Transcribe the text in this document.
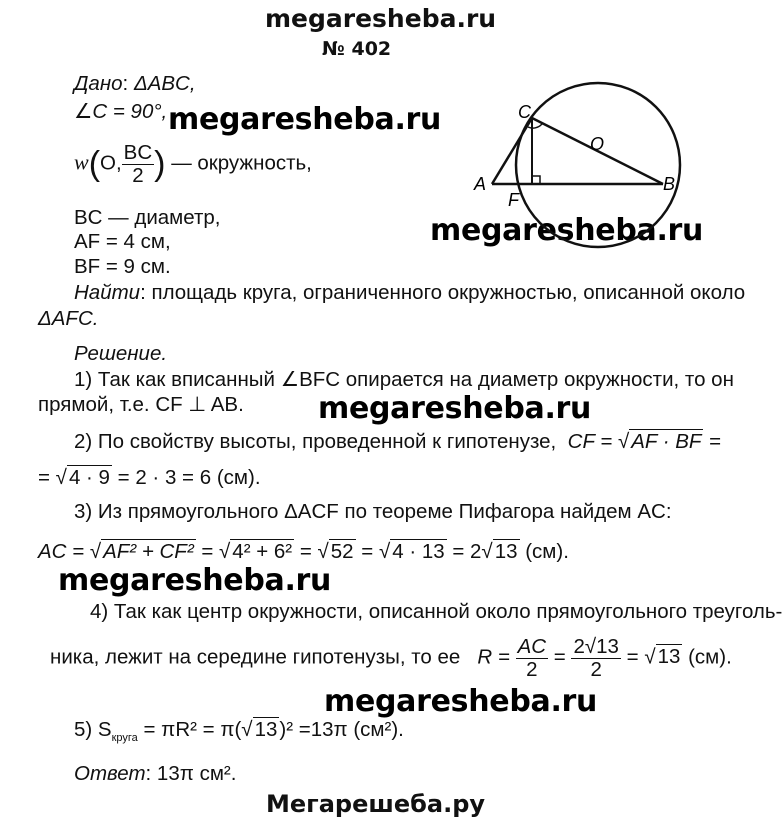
megaresheba.ru
№ 402
Дано: ΔABC,
∠C = 90°,
w(O, $\frac{BC}{2}$ ) — окружность,
BC — диаметр,
AF = 4 см,
BF = 9 см.
Найти: площадь круга, ограниченного окружностью, описанной около
ΔAFC.
Решение.
1) Так как вписанный ∠BFC опирается на диаметр окружности, то он
прямой, т.е. CF ⊥ AB.
2) По свойству высоты, проведенной к гипотенузе, CF = √AF · BF =
= √4 · 9 = 2 · 3 = 6 (см).
3) Из прямоугольного ΔACF по теореме Пифагора найдем AC:
AC = √AF² + CF² = √4² + 6² = √52 = √4 · 13 = 2√13 (см).
4) Так как центр окружности, описанной около прямоугольного треуголь-
ника, лежит на середине гипотенузы, то ее $R = \frac{AC}{2} = \frac{2√13}{2} = √13$ (см).
5) $S_{круга} = \pi R^2 = \pi(√13)^2 =13\pi$ (см²).
Ответ: 13π см².
megaresheba.ru
megaresheba.ru
megaresheba.ru
megaresheba.ru
megaresheba.ru
C
O
A
F
B
Мегарешеба.ру
